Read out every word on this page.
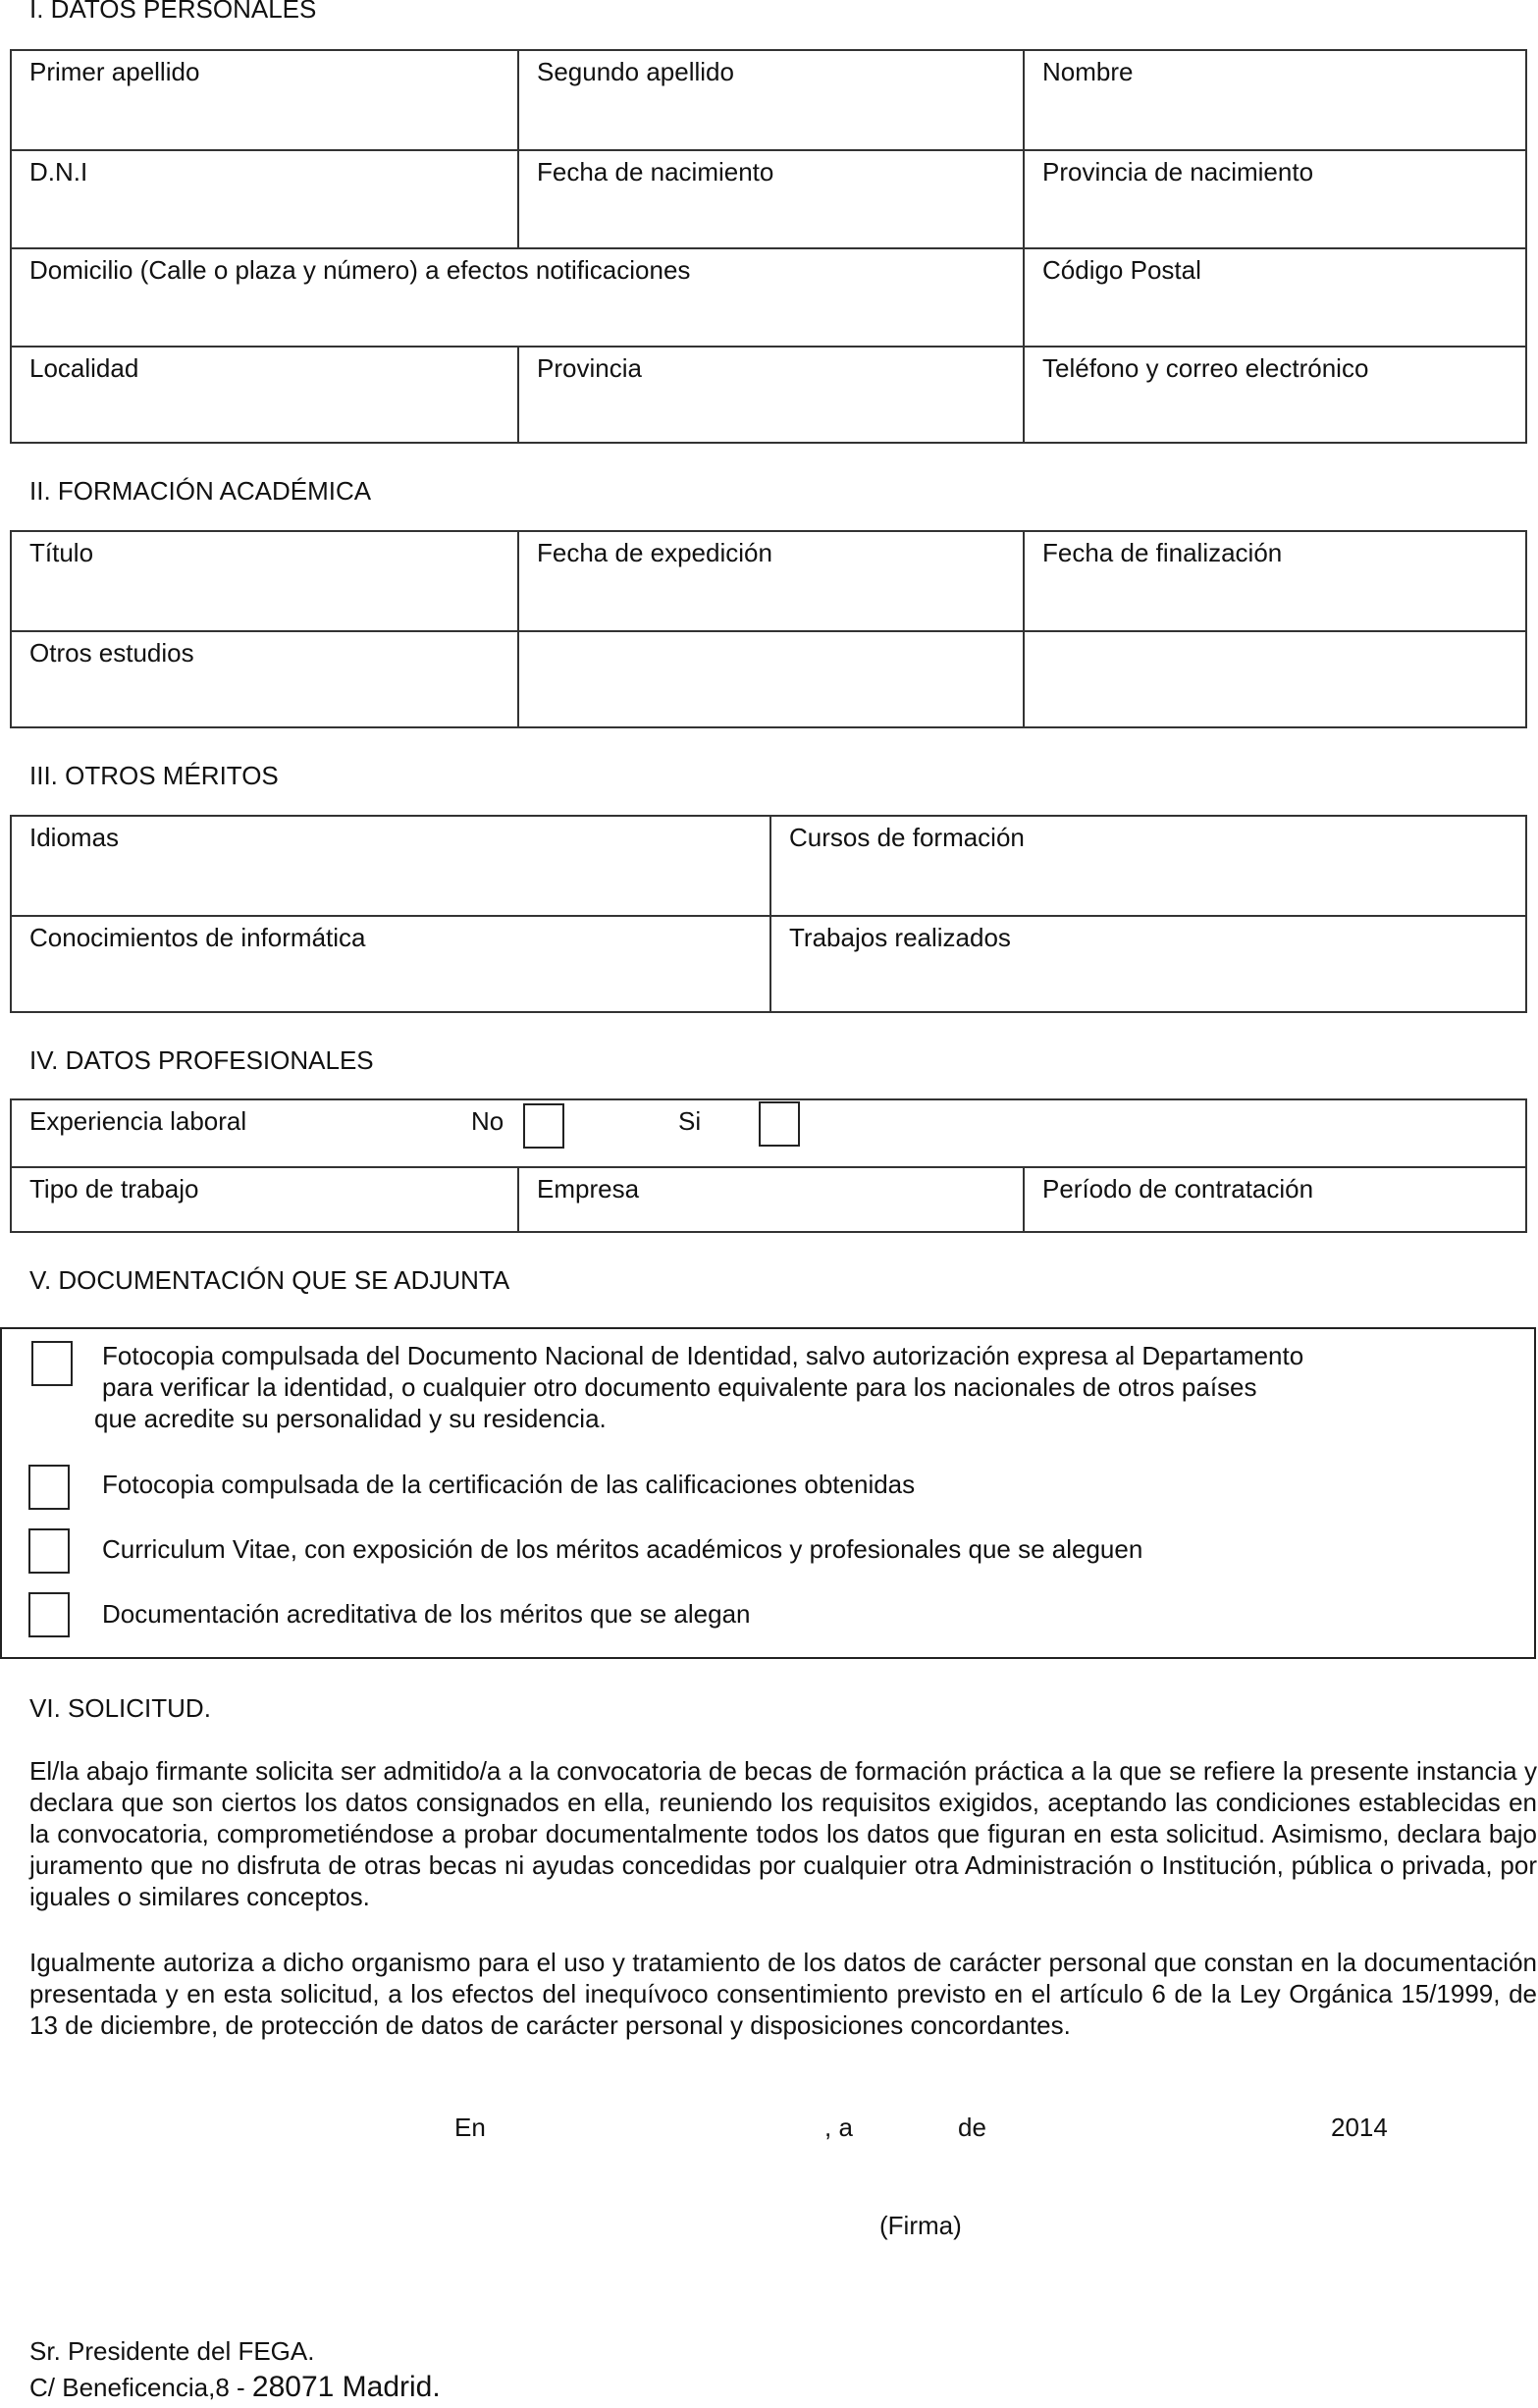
I. DATOS PERSONALES
Primer apellido	Segundo apellido	Nombre
D.N.I	Fecha de nacimiento	Provincia de nacimiento
Domicilio (Calle o plaza y número) a efectos notificaciones	Código Postal
Localidad	Provincia	Teléfono y correo electrónico
II. FORMACIÓN ACADÉMICA
Título	Fecha de expedición	Fecha de finalización
Otros estudios
III. OTROS MÉRITOS
Idiomas	Cursos de formación
Conocimientos de informática	Trabajos realizados
IV. DATOS PROFESIONALES
Experiencia laboral	No	Si
Tipo de trabajo	Empresa	Período de contratación
V. DOCUMENTACIÓN QUE SE ADJUNTA
Fotocopia compulsada del Documento Nacional de Identidad, salvo autorización expresa al Departamento
para verificar la identidad, o cualquier otro documento equivalente para los nacionales de otros países
que acredite su personalidad y su residencia.
Fotocopia compulsada de la certificación de las calificaciones obtenidas
Curriculum Vitae, con exposición de los méritos académicos y profesionales que se aleguen
Documentación acreditativa de los méritos que se alegan
VI. SOLICITUD.
El/la abajo firmante solicita ser admitido/a a la convocatoria de becas de formación práctica a la que se refiere la presente instancia y declara que son ciertos los datos consignados en ella, reuniendo los requisitos exigidos, aceptando las condiciones establecidas en la convocatoria, comprometiéndose a probar documentalmente todos los datos que figuran en esta solicitud. Asimismo, declara bajo juramento que no disfruta de otras becas ni ayudas concedidas por cualquier otra Administración o Institución, pública o privada, por iguales o similares conceptos.
Igualmente autoriza a dicho organismo para el uso y tratamiento de los datos de carácter personal que constan en la documentación presentada y en esta solicitud, a los efectos del inequívoco consentimiento previsto en el artículo 6 de la Ley Orgánica 15/1999, de 13 de diciembre, de protección de datos de carácter personal y disposiciones concordantes.
En	, a	de	2014
(Firma)
Sr. Presidente del FEGA.
C/ Beneficencia,8 - 28071 Madrid.
